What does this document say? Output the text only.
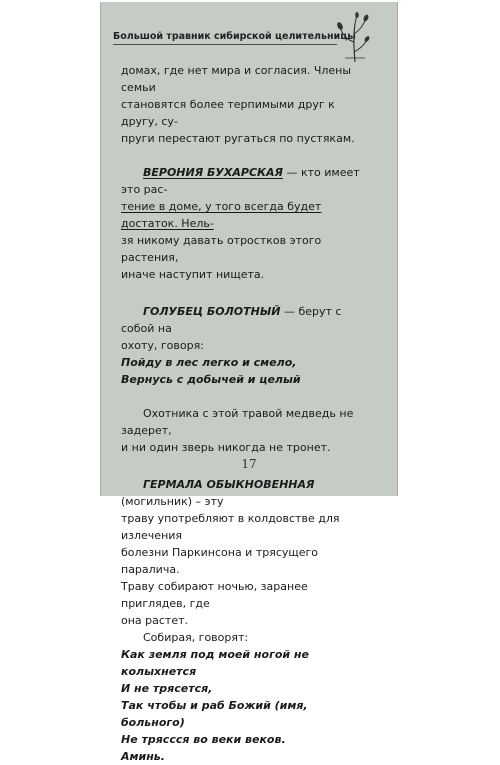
Большой травник сибирской целительницы

домах, где нет мира и согласия. Члены семьи
становятся более терпимыми друг к другу, су-
пруги перестают ругаться по пустякам.

ВЕРОНИЯ БУХАРСКАЯ — кто имеет это рас-
тение в доме, у того всегда будет достаток. Нель-
зя никому давать отростков этого растения,
иначе наступит нищета.

ГОЛУБЕЦ БОЛОТНЫЙ — берут с собой на
охоту, говоря:
Пойду в лес легко и смело,
Вернусь с добычей и целый

Охотника с этой травой медведь не задерет,
и ни один зверь никогда не тронет.

ГЕРМАЛА ОБЫКНОВЕННАЯ (могильник) – эту
траву употребляют в колдовстве для излечения
болезни Паркинсона и трясущего паралича.
Траву собирают ночью, заранее приглядев, где
она растет.

Собирая, говорят:
Как земля под моей ногой не колыхнется
И не трясется,
Так чтобы и раб Божий (имя, больного)
Не тряссся во веки веков.
Аминь.

17
